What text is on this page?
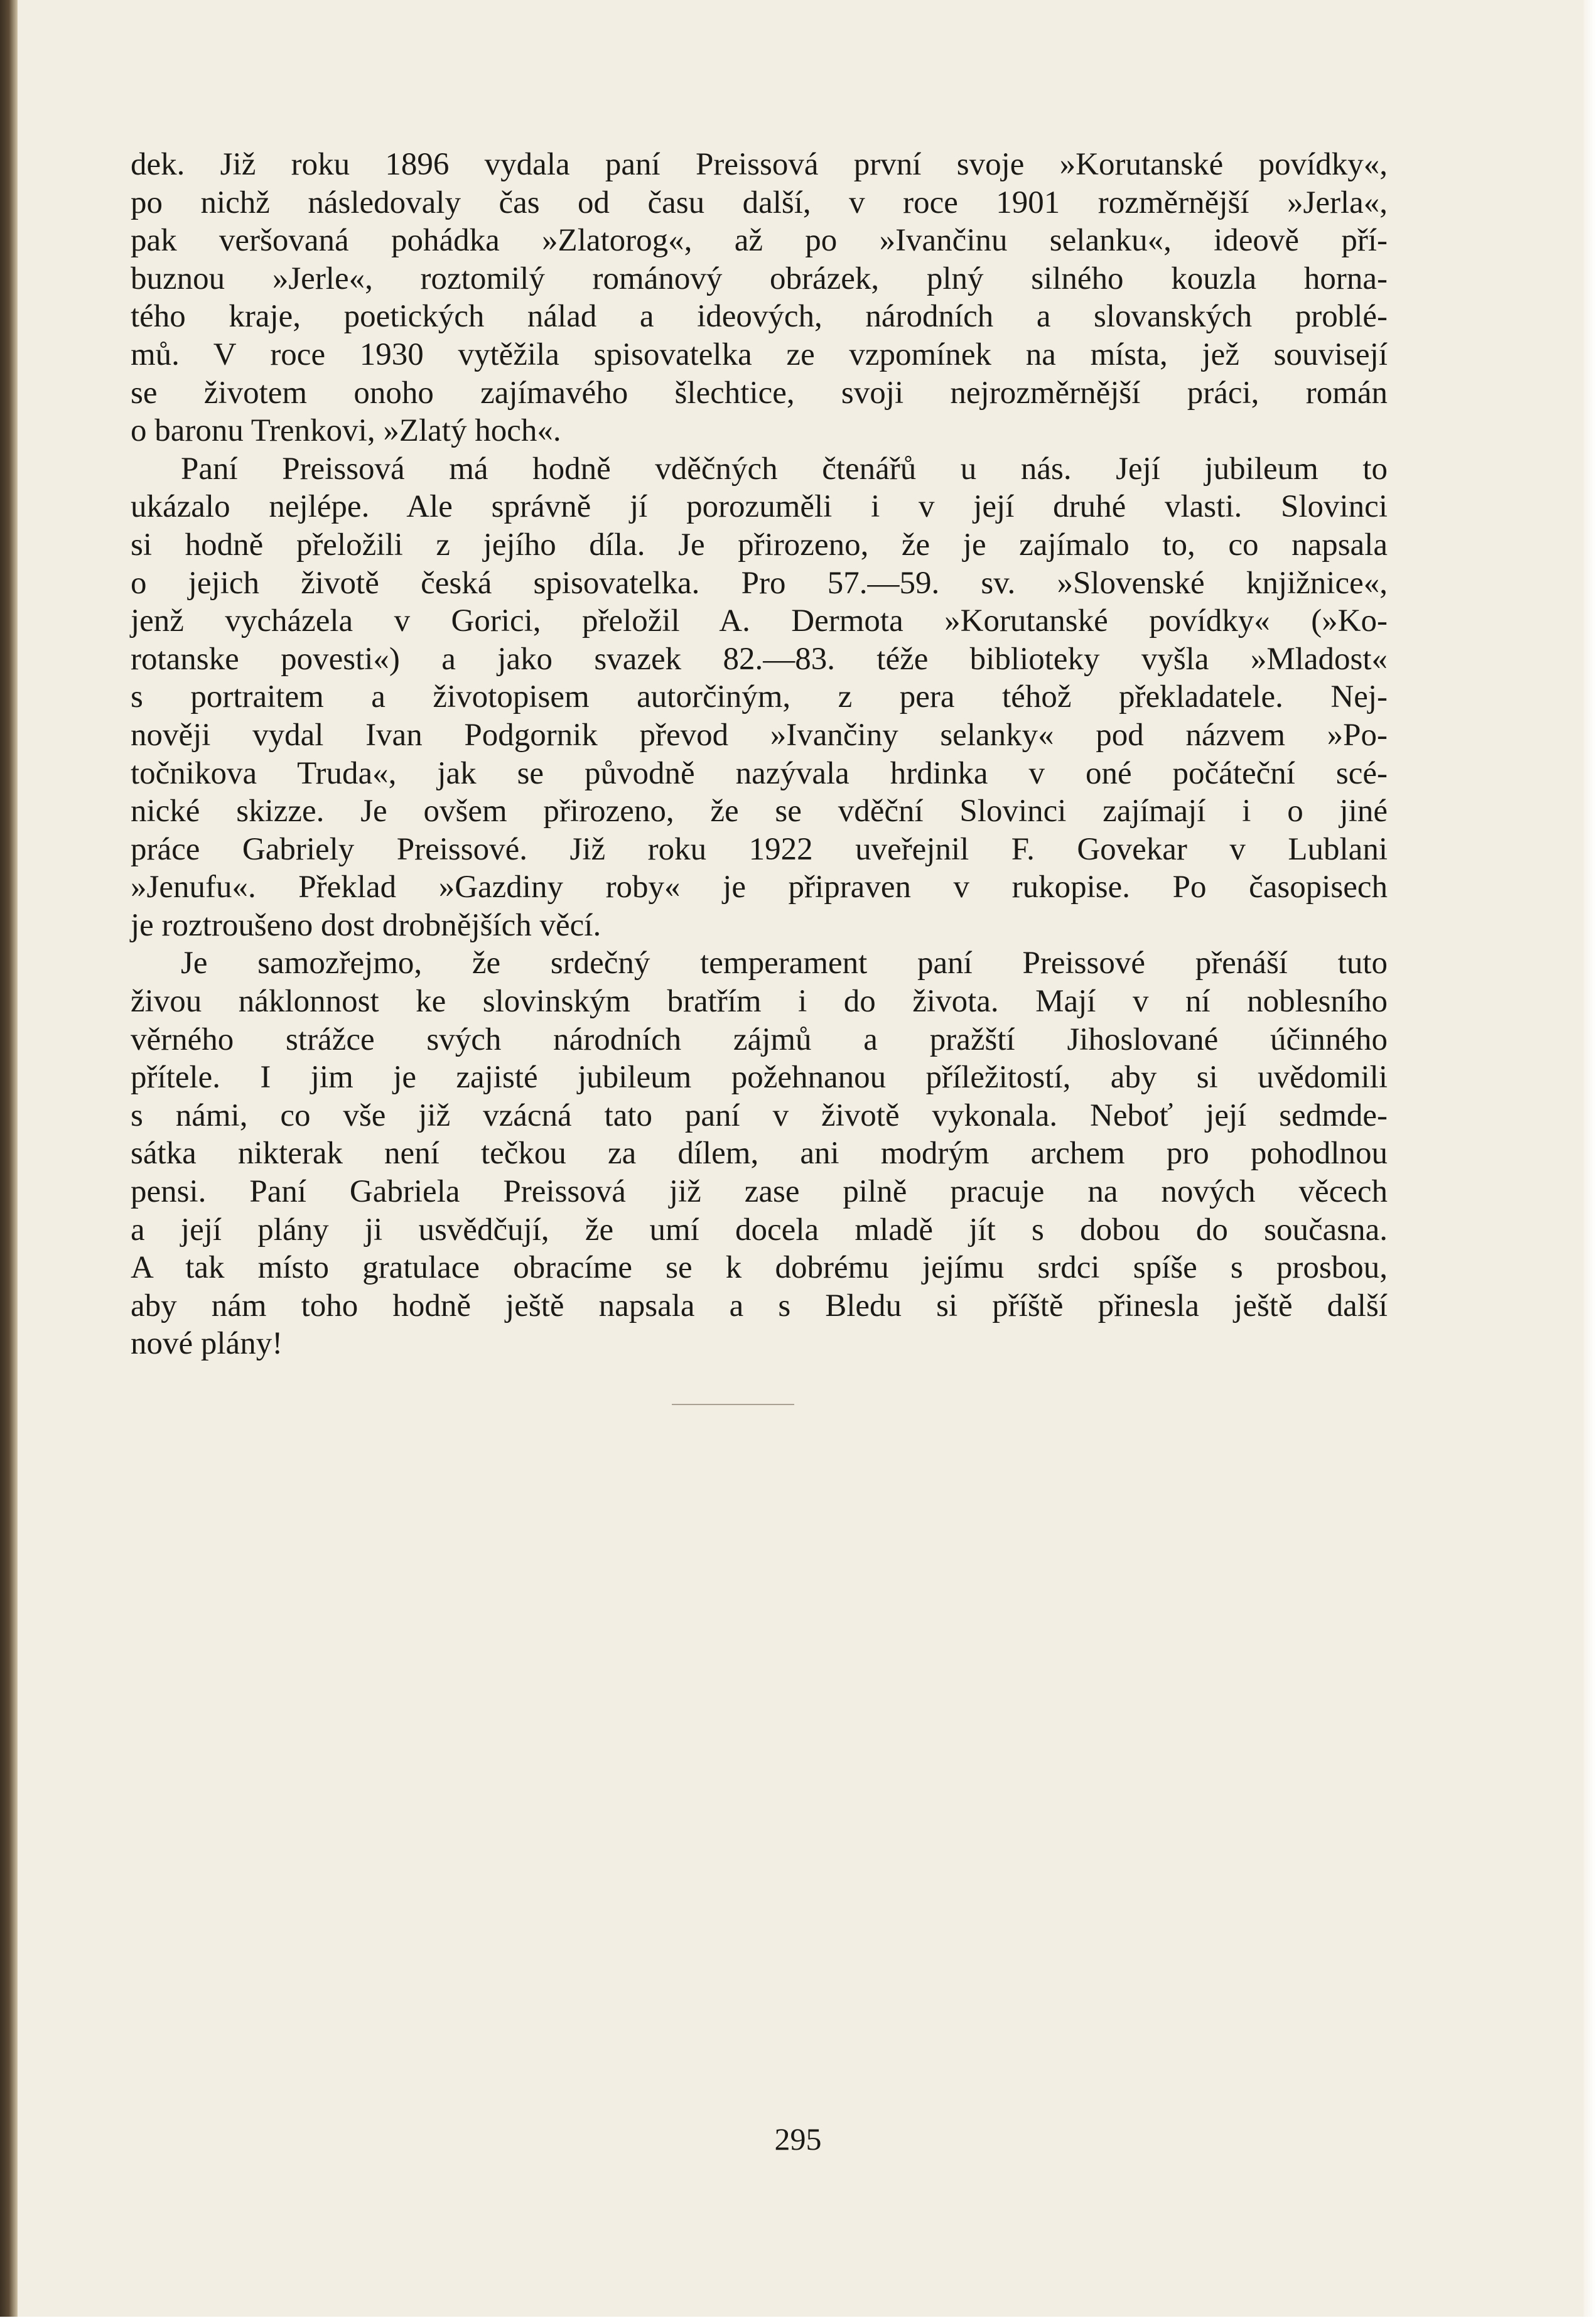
dek. Již roku 1896 vydala paní Preissová první svoje »Korutanské povídky«,
po nichž následovaly čas od času další, v roce 1901 rozměrnější »Jerla«,
pak veršovaná pohádka »Zlatorog«, až po »Ivančinu selanku«, ideově pří-
buznou »Jerle«, roztomilý románový obrázek, plný silného kouzla horna-
tého kraje, poetických nálad a ideových, národních a slovanských problé-
mů. V roce 1930 vytěžila spisovatelka ze vzpomínek na místa, jež souvisejí
se životem onoho zajímavého šlechtice, svoji nejrozměrnější práci, román
o baronu Trenkovi, »Zlatý hoch«.
Paní Preissová má hodně vděčných čtenářů u nás. Její jubileum to
ukázalo nejlépe. Ale správně jí porozuměli i v její druhé vlasti. Slovinci
si hodně přeložili z jejího díla. Je přirozeno, že je zajímalo to, co napsala
o jejich životě česká spisovatelka. Pro 57.—59. sv. »Slovenské knjižnice«,
jenž vycházela v Gorici, přeložil A. Dermota »Korutanské povídky« (»Ko-
rotanske povesti«) a jako svazek 82.—83. téže biblioteky vyšla »Mladost«
s portraitem a životopisem autorčiným, z pera téhož překladatele. Nej-
nověji vydal Ivan Podgornik převod »Ivančiny selanky« pod názvem »Po-
točnikova Truda«, jak se původně nazývala hrdinka v oné počáteční scé-
nické skizze. Je ovšem přirozeno, že se vděční Slovinci zajímají i o jiné
práce Gabriely Preissové. Již roku 1922 uveřejnil F. Govekar v Lublani
»Jenufu«. Překlad »Gazdiny roby« je připraven v rukopise. Po časopisech
je roztroušeno dost drobnějších věcí.
Je samozřejmo, že srdečný temperament paní Preissové přenáší tuto
živou náklonnost ke slovinským bratřím i do života. Mají v ní noblesního
věrného strážce svých národních zájmů a pražští Jihoslované účinného
přítele. I jim je zajisté jubileum požehnanou příležitostí, aby si uvědomili
s námi, co vše již vzácná tato paní v životě vykonala. Neboť její sedmde-
sátka nikterak není tečkou za dílem, ani modrým archem pro pohodlnou
pensi. Paní Gabriela Preissová již zase pilně pracuje na nových věcech
a její plány ji usvědčují, že umí docela mladě jít s dobou do současna.
A tak místo gratulace obracíme se k dobrému jejímu srdci spíše s prosbou,
aby nám toho hodně ještě napsala a s Bledu si příště přinesla ještě další
nové plány!
295
